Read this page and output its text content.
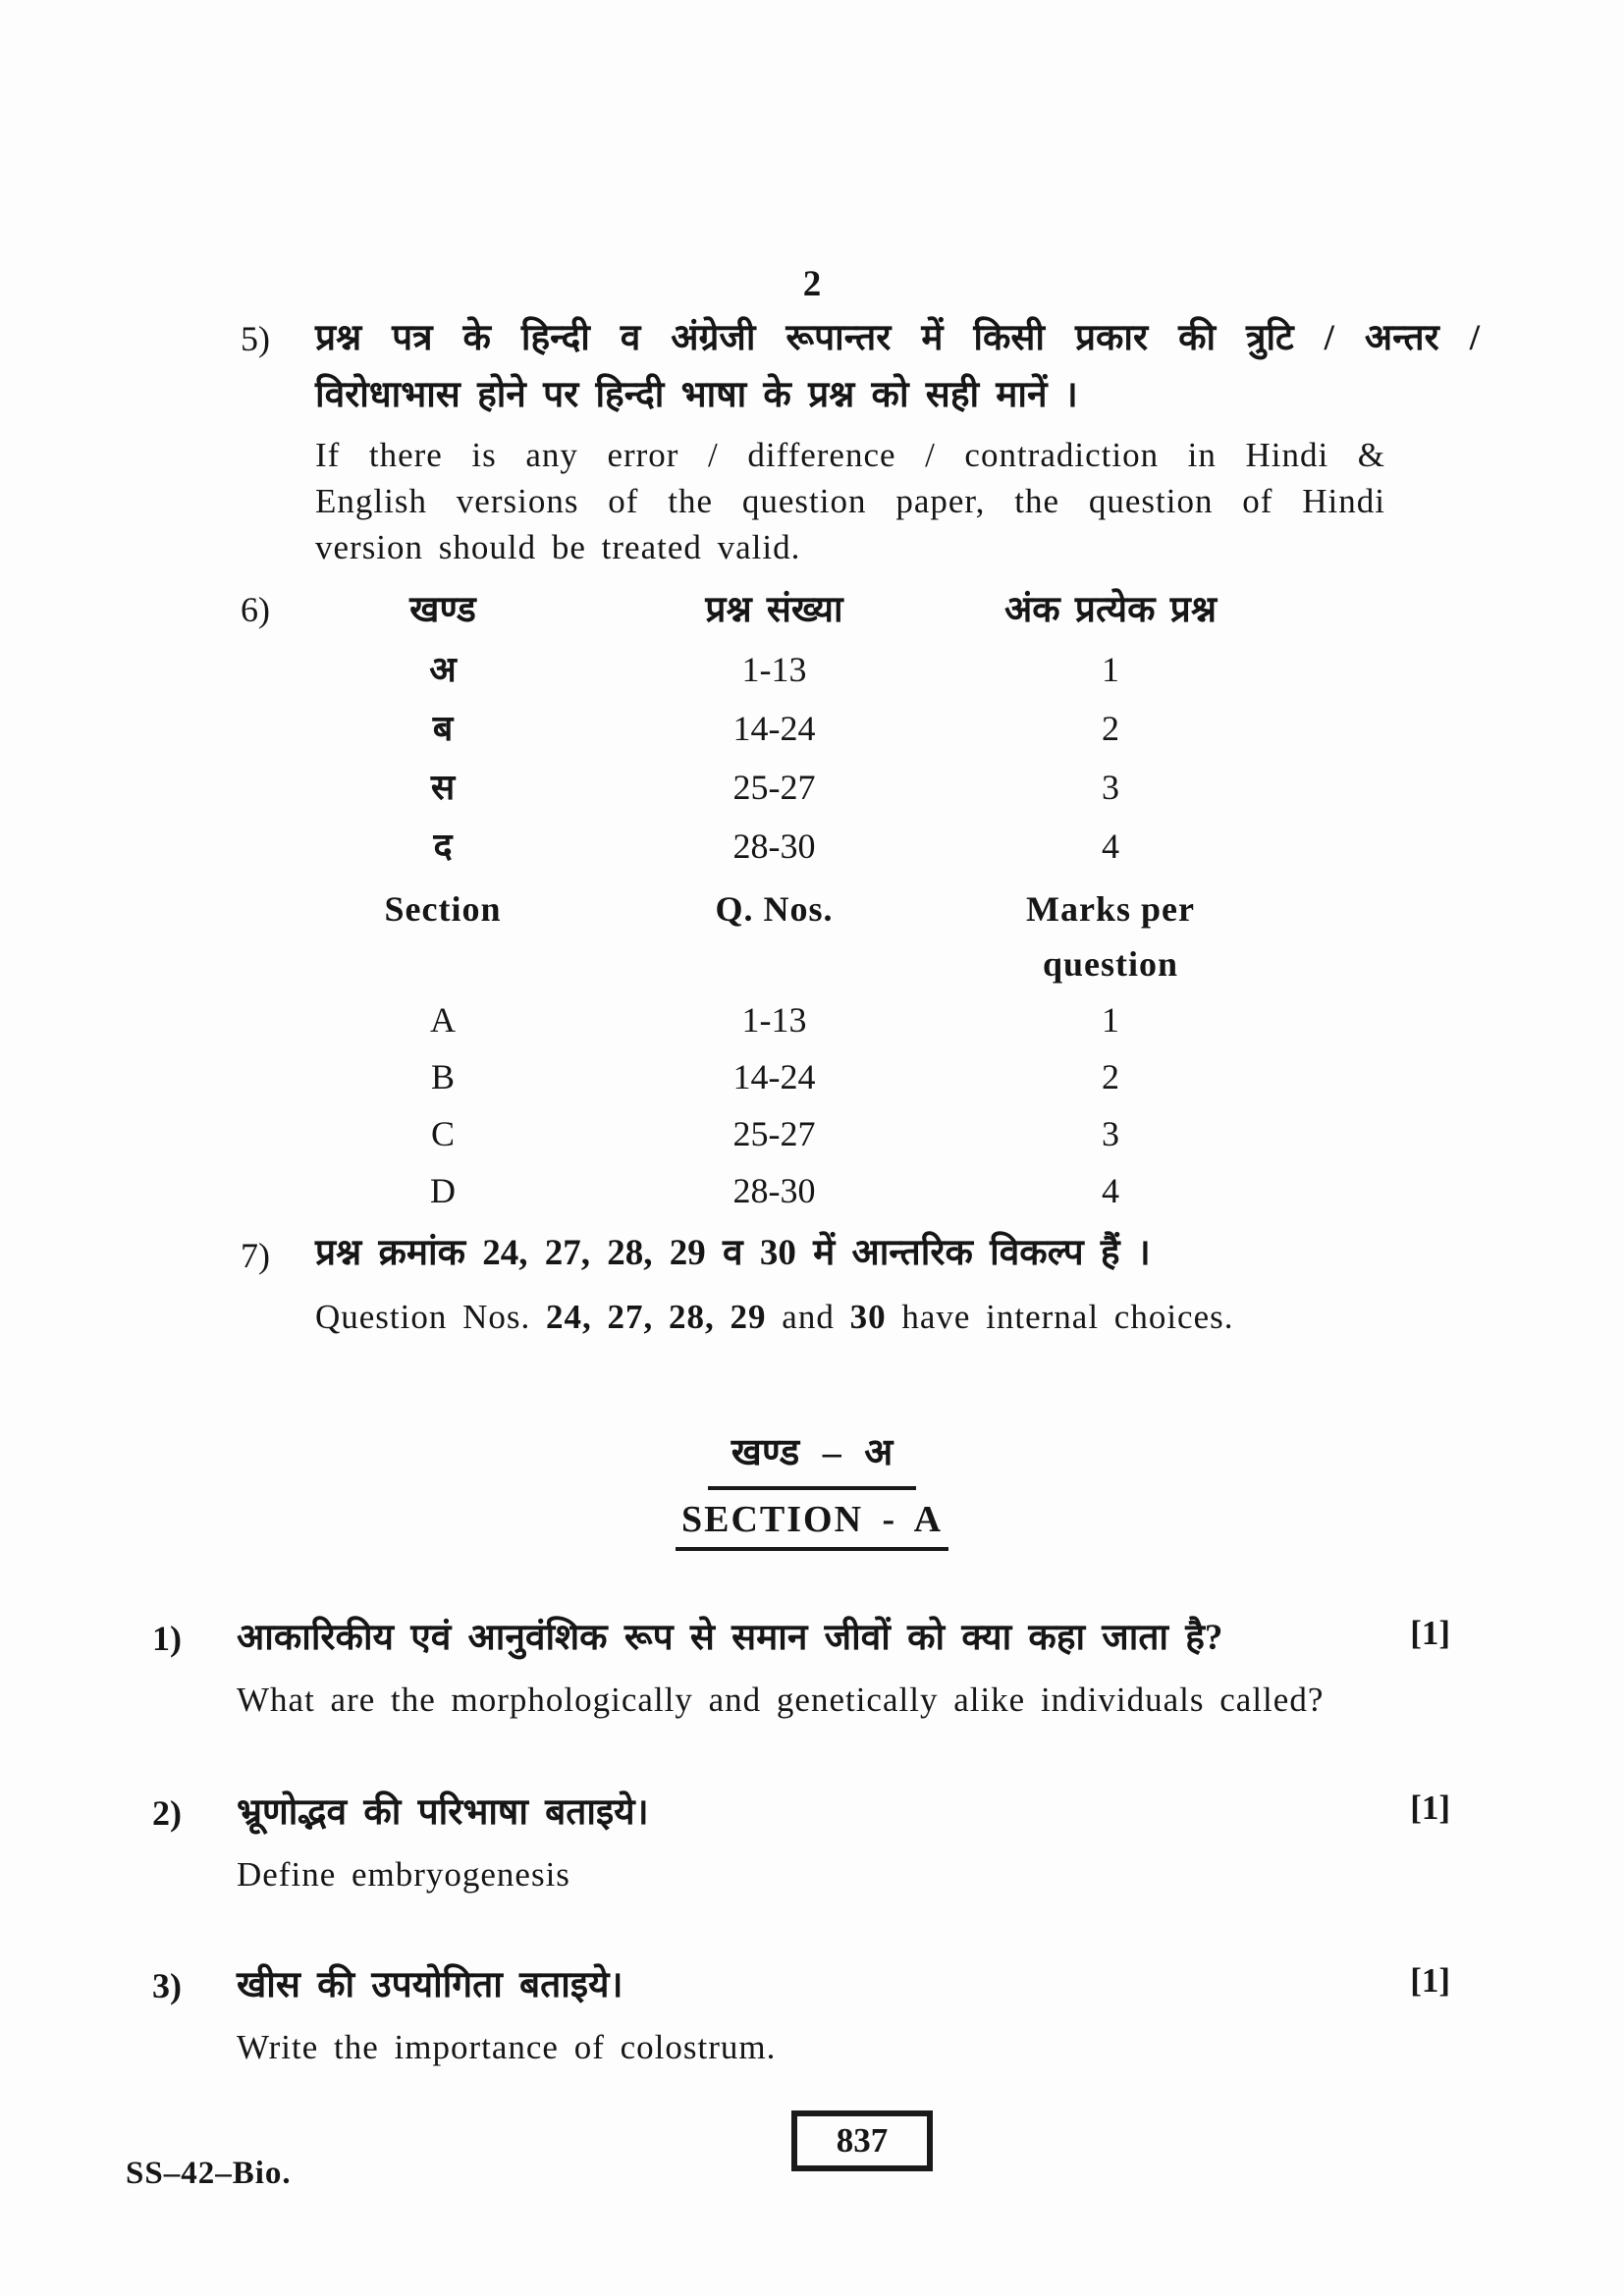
2
5)	प्रश्न पत्र के हिन्दी व अंग्रेजी रूपान्तर में किसी प्रकार की त्रुटि / अन्तर /
विरोधाभास होने पर हिन्दी भाषा के प्रश्न को सही मानें ।
If there is any error / difference / contradiction in Hindi &
English versions of the question paper, the question of Hindi
version should be treated valid.
6)	खण्ड	प्रश्न संख्या	अंक प्रत्येक प्रश्न
अ	1-13	1
ब	14-24	2
स	25-27	3
द	28-30	4
Section	Q. Nos.	Marks per question
A	1-13	1
B	14-24	2
C	25-27	3
D	28-30	4
7)	प्रश्न क्रमांक 24, 27, 28, 29 व 30 में आन्तरिक विकल्प हैं ।
Question Nos. 24, 27, 28, 29 and 30 have internal choices.
खण्ड – अ
SECTION - A
1)	आकारिकीय एवं आनुवंशिक रूप से समान जीवों को क्या कहा जाता है?
What are the morphologically and genetically alike individuals called?
[1]
2)	भ्रूणोद्भव की परिभाषा बताइये।
Define embryogenesis
[1]
3)	खीस की उपयोगिता बताइये।
Write the importance of colostrum.
[1]
SS–42–Bio.
837
